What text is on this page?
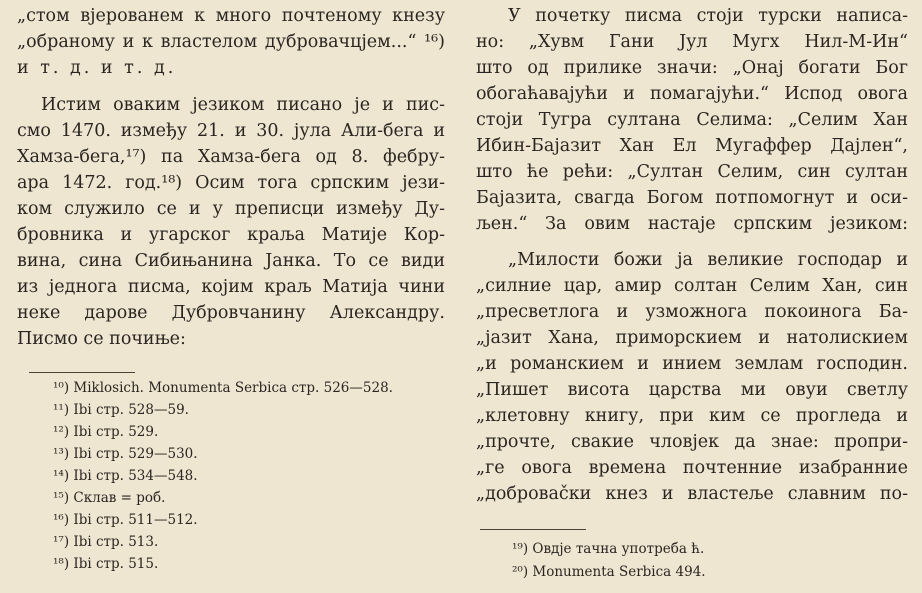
„стом вјерованем к много почтеному кнезу
„обраному и к властелом дубровачцјем...“ ¹⁶)
и т. д. и т. д.
Истим оваким језиком писано је и пис-
смо 1470. између 21. и 30. јула Али-бега и
Хамза-бега,¹⁷) па Хамза-бега од 8. фебру-
ара 1472. год.¹⁸) Осим тога српским јези-
ком служило се и у преписци између Ду-
бровника и угарског краља Матије Кор-
вина, сина Сибињанина Јанка. То се види
из једнога писма, којим краљ Матија чини
неке дарове Дубровчанину Александру.
Писмо се почиње:
¹⁰) Miklosich. Monumenta Serbica стр. 526—528.
¹¹) Ibi стр. 528—59.
¹²) Ibi стр. 529.
¹³) Ibi стр. 529—530.
¹⁴) Ibi стр. 534—548.
¹⁵) Склав = роб.
¹⁶) Ibi стр. 511—512.
¹⁷) Ibi стр. 513.
¹⁸) Ibi стр. 515.
У почетку писма стоји турски написа-
но: „Хувм Гани Јул Мугх Нил-М-Ин“
што од прилике значи: „Онај богати Бог
обогаћавајући и помагајући.“ Испод овога
стоји Тугра султана Селима: „Селим Хан
Ибин-Бајазит Хан Ел Мугаффер Дајлен“,
што ће рећи: „Султан Селим, син султан
Бајазита, свагда Богом потпомогнут и оси-
љен.“ За овим настаје српским језиком:
„Милости божи ја великие господар и
„силние цар, амир солтан Селим Хан, син
„пресветлога и узможнога покоинога Ба-
„јазит Хана, приморскием и натолискием
„и романскием и инием землам господин.
„Пишет висота царства ми овуи светлу
„клетовну книгу, при ким се проглeда и
„прочте, свакие члoвјек да знае: пропри-
„ге овога времена почтенние изабранние
„доброваčки кнез и властеље славним по-
¹⁹) Овдје тачна употреба ћ.
²⁰) Monumenta Serbica 494.
